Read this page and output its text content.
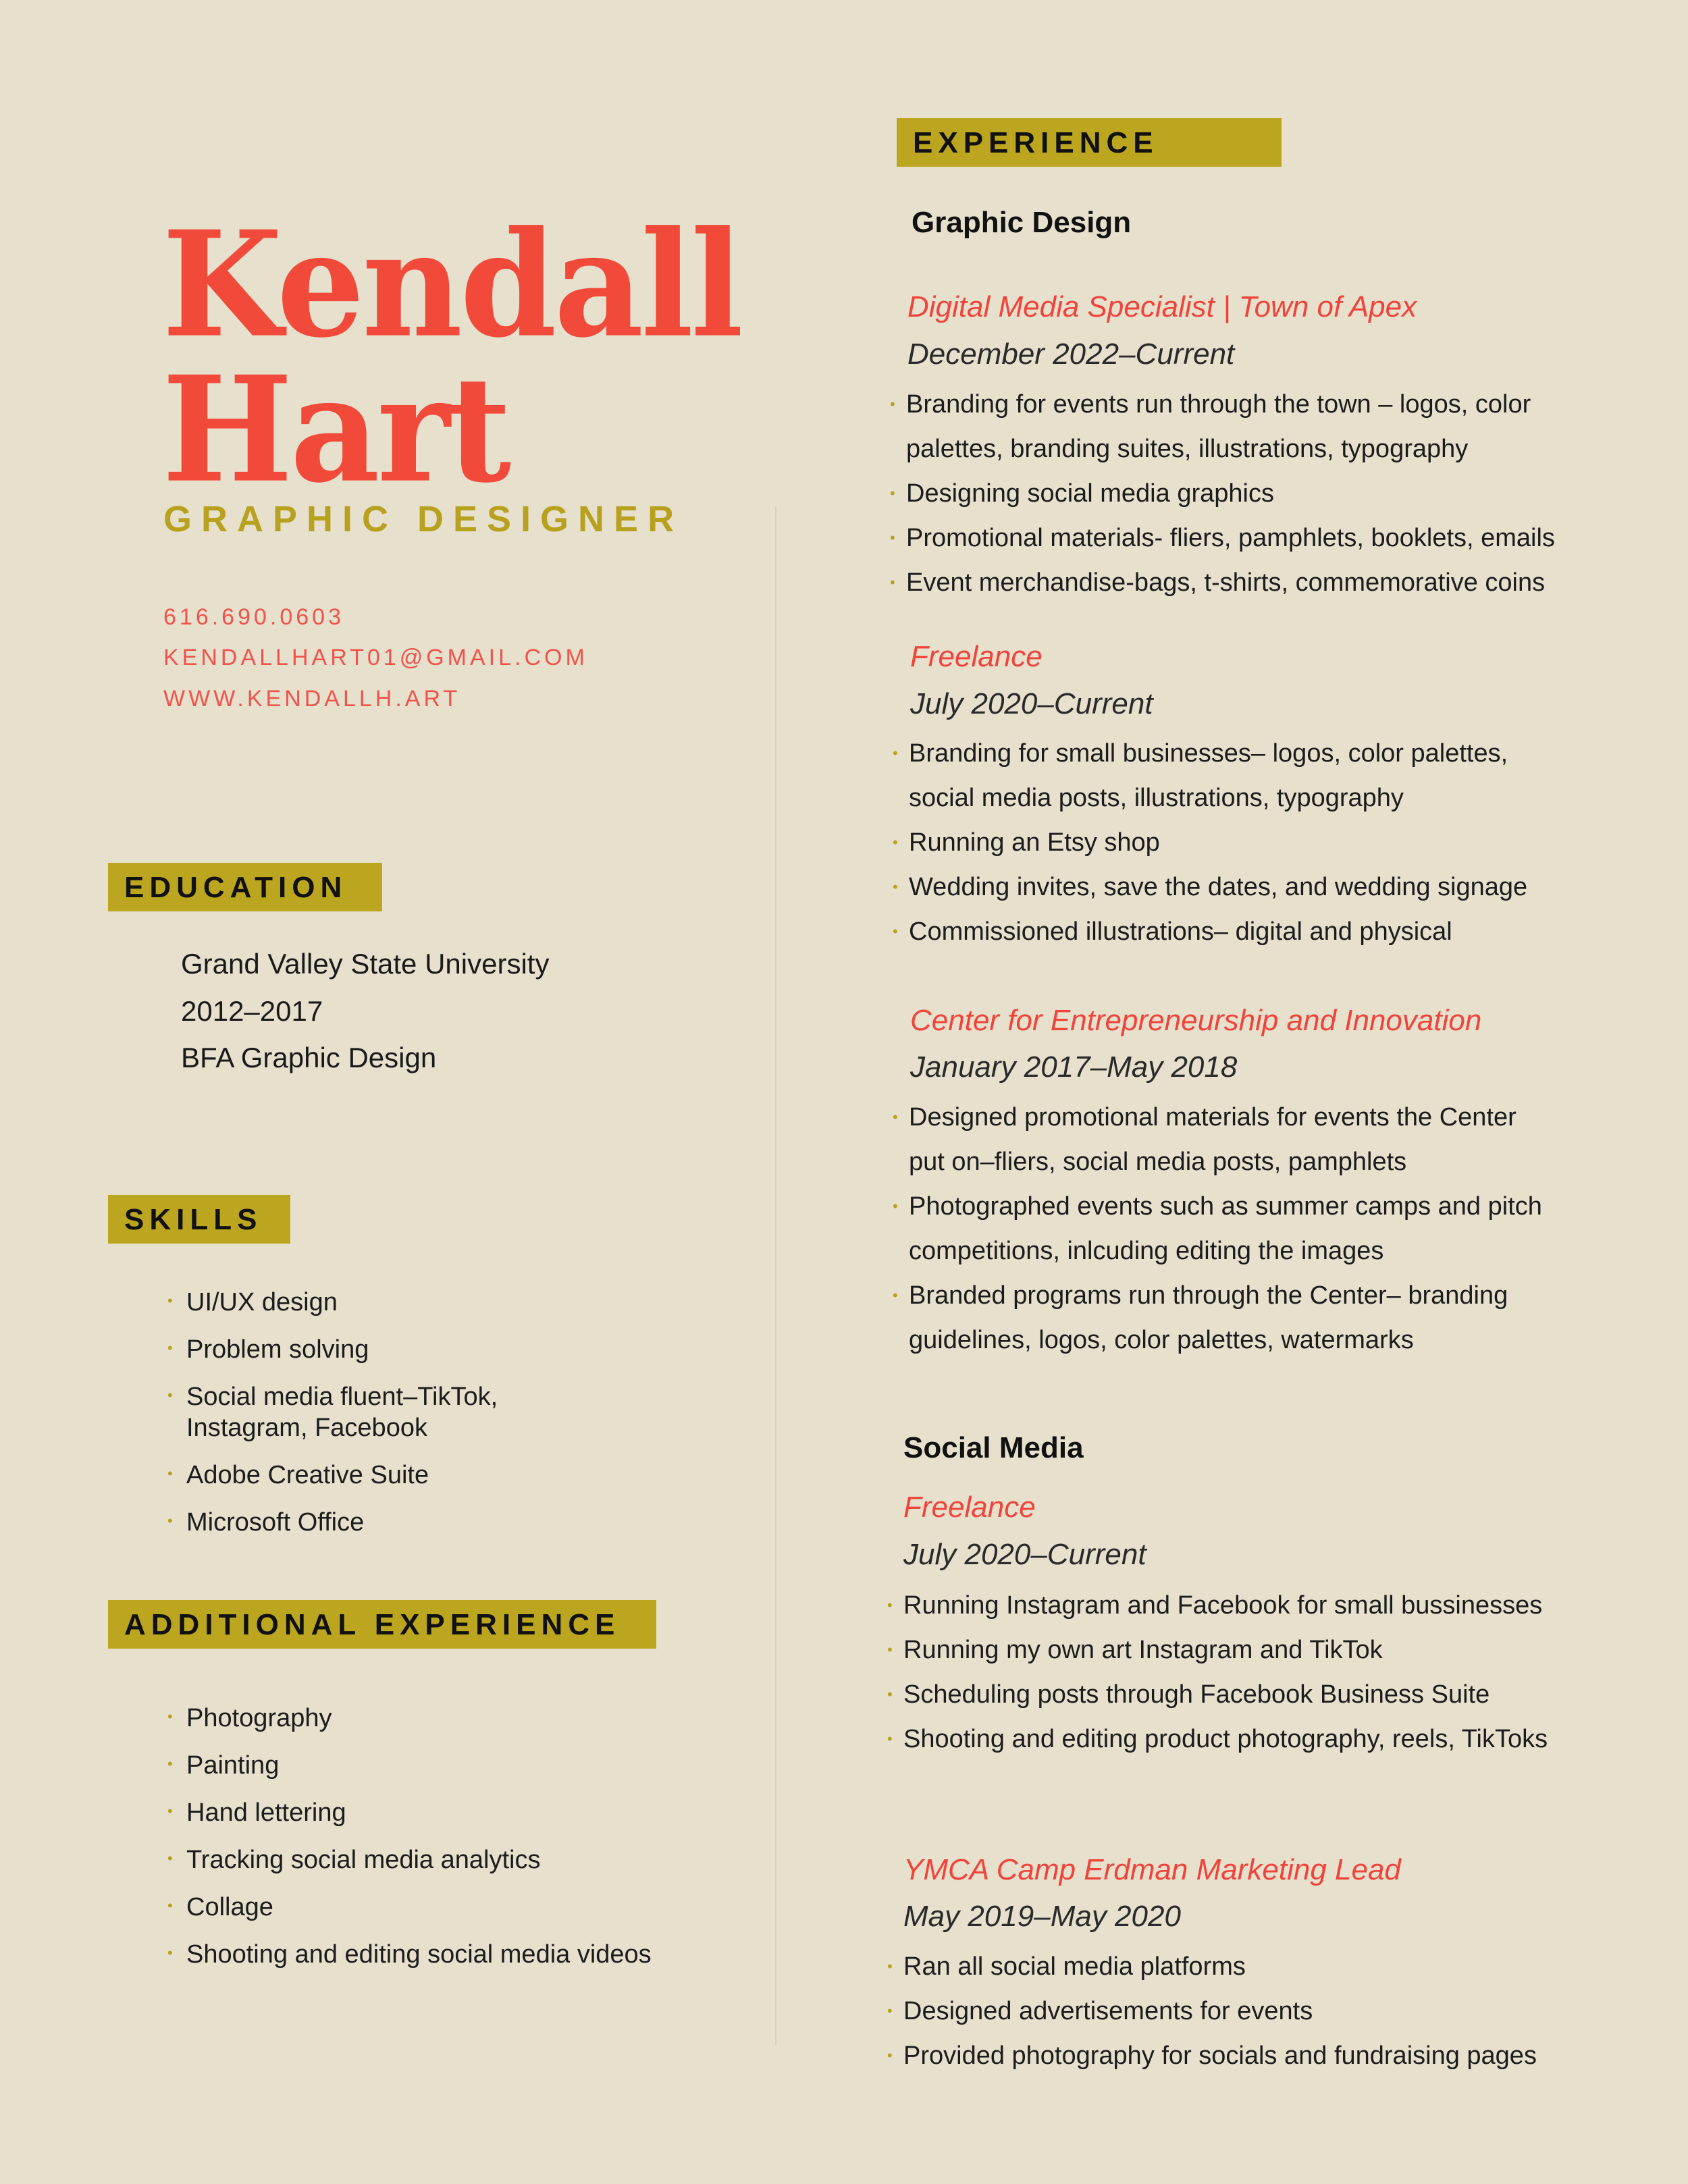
Kendall
Hart
GRAPHIC DESIGNER
616.690.0603
KENDALLHART01@GMAIL.COM
WWW.KENDALLH.ART
EDUCATION
Grand Valley State University
2012–2017
BFA Graphic Design
SKILLS
• UI/UX design
• Problem solving
• Social media fluent–TikTok, Instagram, Facebook
• Adobe Creative Suite
• Microsoft Office
ADDITIONAL EXPERIENCE
• Photography
• Painting
• Hand lettering
• Tracking social media analytics
• Collage
• Shooting and editing social media videos
EXPERIENCE
Graphic Design
Digital Media Specialist | Town of Apex
December 2022–Current
• Branding for events run through the town – logos, color palettes, branding suites, illustrations, typography
• Designing social media graphics
• Promotional materials- fliers, pamphlets, booklets, emails
• Event merchandise-bags, t-shirts, commemorative coins
Freelance
July 2020–Current
• Branding for small businesses– logos, color palettes, social media posts, illustrations, typography
• Running an Etsy shop
• Wedding invites, save the dates, and wedding signage
• Commissioned illustrations– digital and physical
Center for Entrepreneurship and Innovation
January 2017–May 2018
• Designed promotional materials for events the Center put on–fliers, social media posts, pamphlets
• Photographed events such as summer camps and pitch competitions, inlcuding editing the images
• Branded programs run through the Center– branding guidelines, logos, color palettes, watermarks
Social Media
Freelance
July 2020–Current
• Running Instagram and Facebook for small bussinesses
• Running my own art Instagram and TikTok
• Scheduling posts through Facebook Business Suite
• Shooting and editing product photography, reels, TikToks
YMCA Camp Erdman Marketing Lead
May 2019–May 2020
• Ran all social media platforms
• Designed advertisements for events
• Provided photography for socials and fundraising pages
